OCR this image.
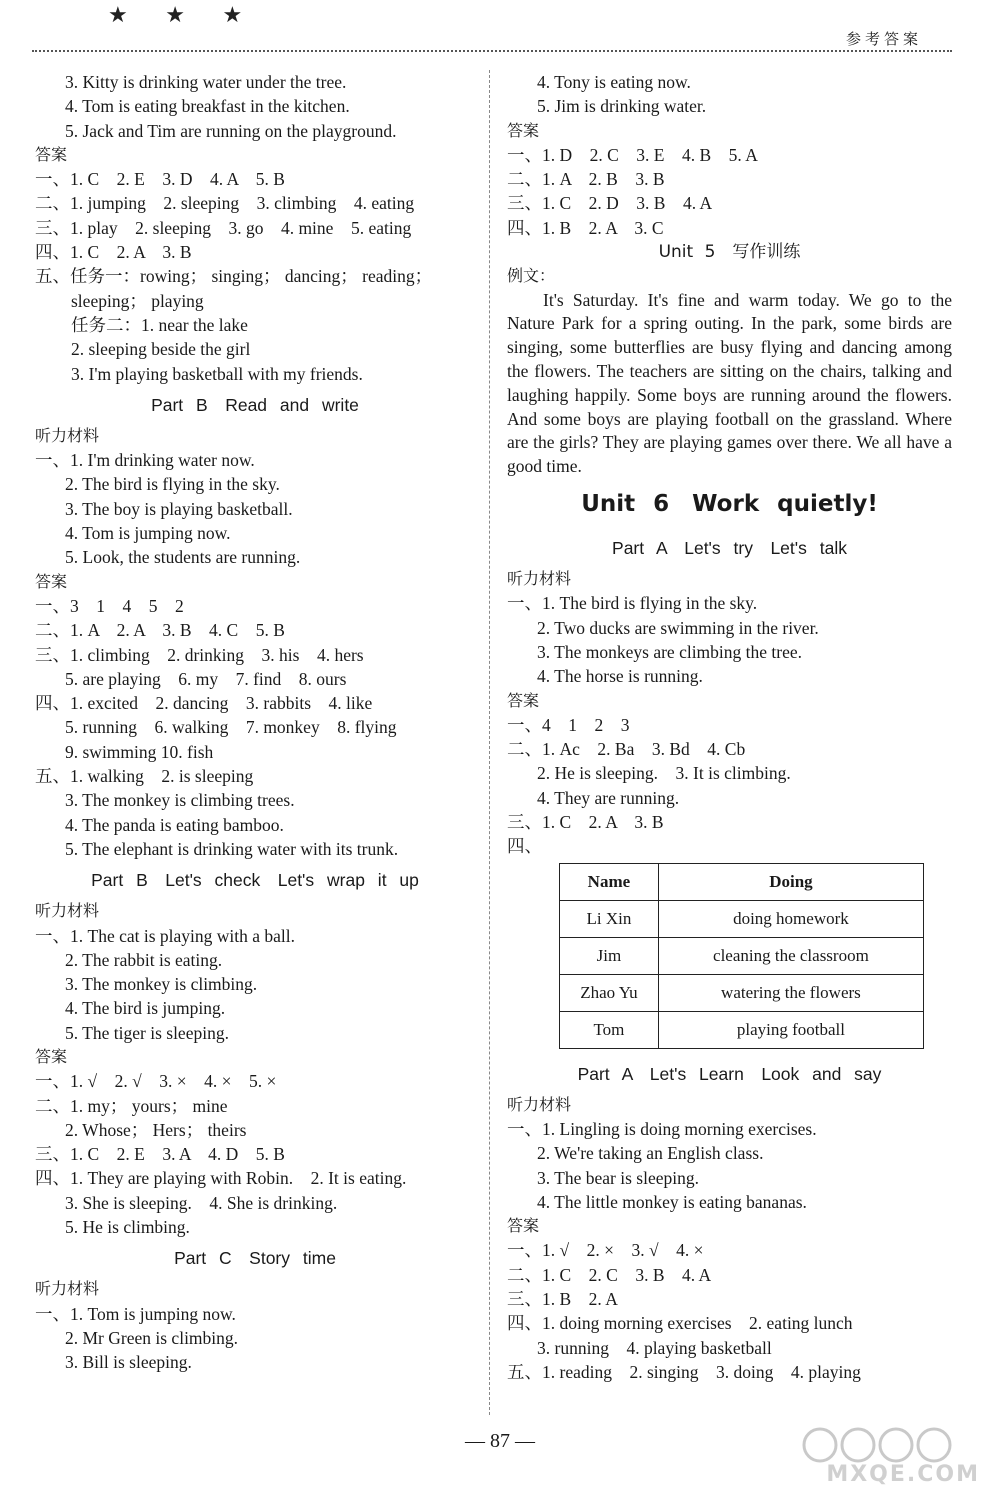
★ ★ ★
参考答案
3. Kitty is drinking water under the tree.
4. Tom is eating breakfast in the kitchen.
5. Jack and Tim are running on the playground.
答案
一、1. C　2. E　3. D　4. A　5. B
二、1. jumping　2. sleeping　3. climbing　4. eating
三、1. play　2. sleeping　3. go　4. mine　5. eating
四、1. C　2. A　3. B
五、任务一：rowing； singing； dancing； reading；
sleeping； playing
任务二：1. near the lake
2. sleeping beside the girl
3. I'm playing basketball with my friends.
Part B　Read and write
听力材料
一、1. I'm drinking water now.
2. The bird is flying in the sky.
3. The boy is playing basketball.
4. Tom is jumping now.
5. Look, the students are running.
答案
一、3　1　4　5　2
二、1. A　2. A　3. B　4. C　5. B
三、1. climbing　2. drinking　3. his　4. hers
5. are playing　6. my　7. find　8. ours
四、1. excited　2. dancing　3. rabbits　4. like
5. running　6. walking　7. monkey　8. flying
9. swimming 10. fish
五、1. walking　2. is sleeping
3. The monkey is climbing trees.
4. The panda is eating bamboo.
5. The elephant is drinking water with its trunk.
Part B　Let's check　Let's wrap it up
听力材料
一、1. The cat is playing with a ball.
2. The rabbit is eating.
3. The monkey is climbing.
4. The bird is jumping.
5. The tiger is sleeping.
答案
一、1. √　2. √　3. ×　4. ×　5. ×
二、1. my； yours； mine
2. Whose； Hers； theirs
三、1. C　2. E　3. A　4. D　5. B
四、1. They are playing with Robin.　2. It is eating.
3. She is sleeping.　4. She is drinking.
5. He is climbing.
Part C　Story time
听力材料
一、1. Tom is jumping now.
2. Mr Green is climbing.
3. Bill is sleeping.
4. Tony is eating now.
5. Jim is drinking water.
答案
一、1. D　2. C　3. E　4. B　5. A
二、1. A　2. B　3. B
三、1. C　2. D　3. B　4. A
四、1. B　2. A　3. C
Unit 5　写作训练
例文：

It's Saturday. It's fine and warm today. We go to the Nature Park for a spring outing. In the park, some birds are singing, some butterflies are busy flying and dancing among the flowers. The teachers are sitting on the chairs, talking and laughing happily. Some boys are running around the flowers. And some boys are playing football on the grassland. Where are the girls? They are playing games over there. We all have a good time.

Unit 6　Work quietly!
Part A　Let's try　Let's talk
听力材料
一、1. The bird is flying in the sky.
2. Two ducks are swimming in the river.
3. The monkeys are climbing the tree.
4. The horse is running.
答案
一、4　1　2　3
二、1. Ac　2. Ba　3. Bd　4. Cb
2. He is sleeping.　3. It is climbing.
4. They are running.
三、1. C　2. A　3. B
四、
Name	Doing
Li Xin	doing homework
Jim	cleaning the classroom
Zhao Yu	watering the flowers
Tom	playing football
Part A　Let's Learn　Look and say
听力材料
一、1. Lingling is doing morning exercises.
2. We're taking an English class.
3. The bear is sleeping.
4. The little monkey is eating bananas.
答案
一、1. √　2. ×　3. √　4. ×
二、1. C　2. C　3. B　4. A
三、1. B　2. A
四、1. doing morning exercises　2. eating lunch
3. running　4. playing basketball
五、1. reading　2. singing　3. doing　4. playing
— 87 —
MXQE.COM
